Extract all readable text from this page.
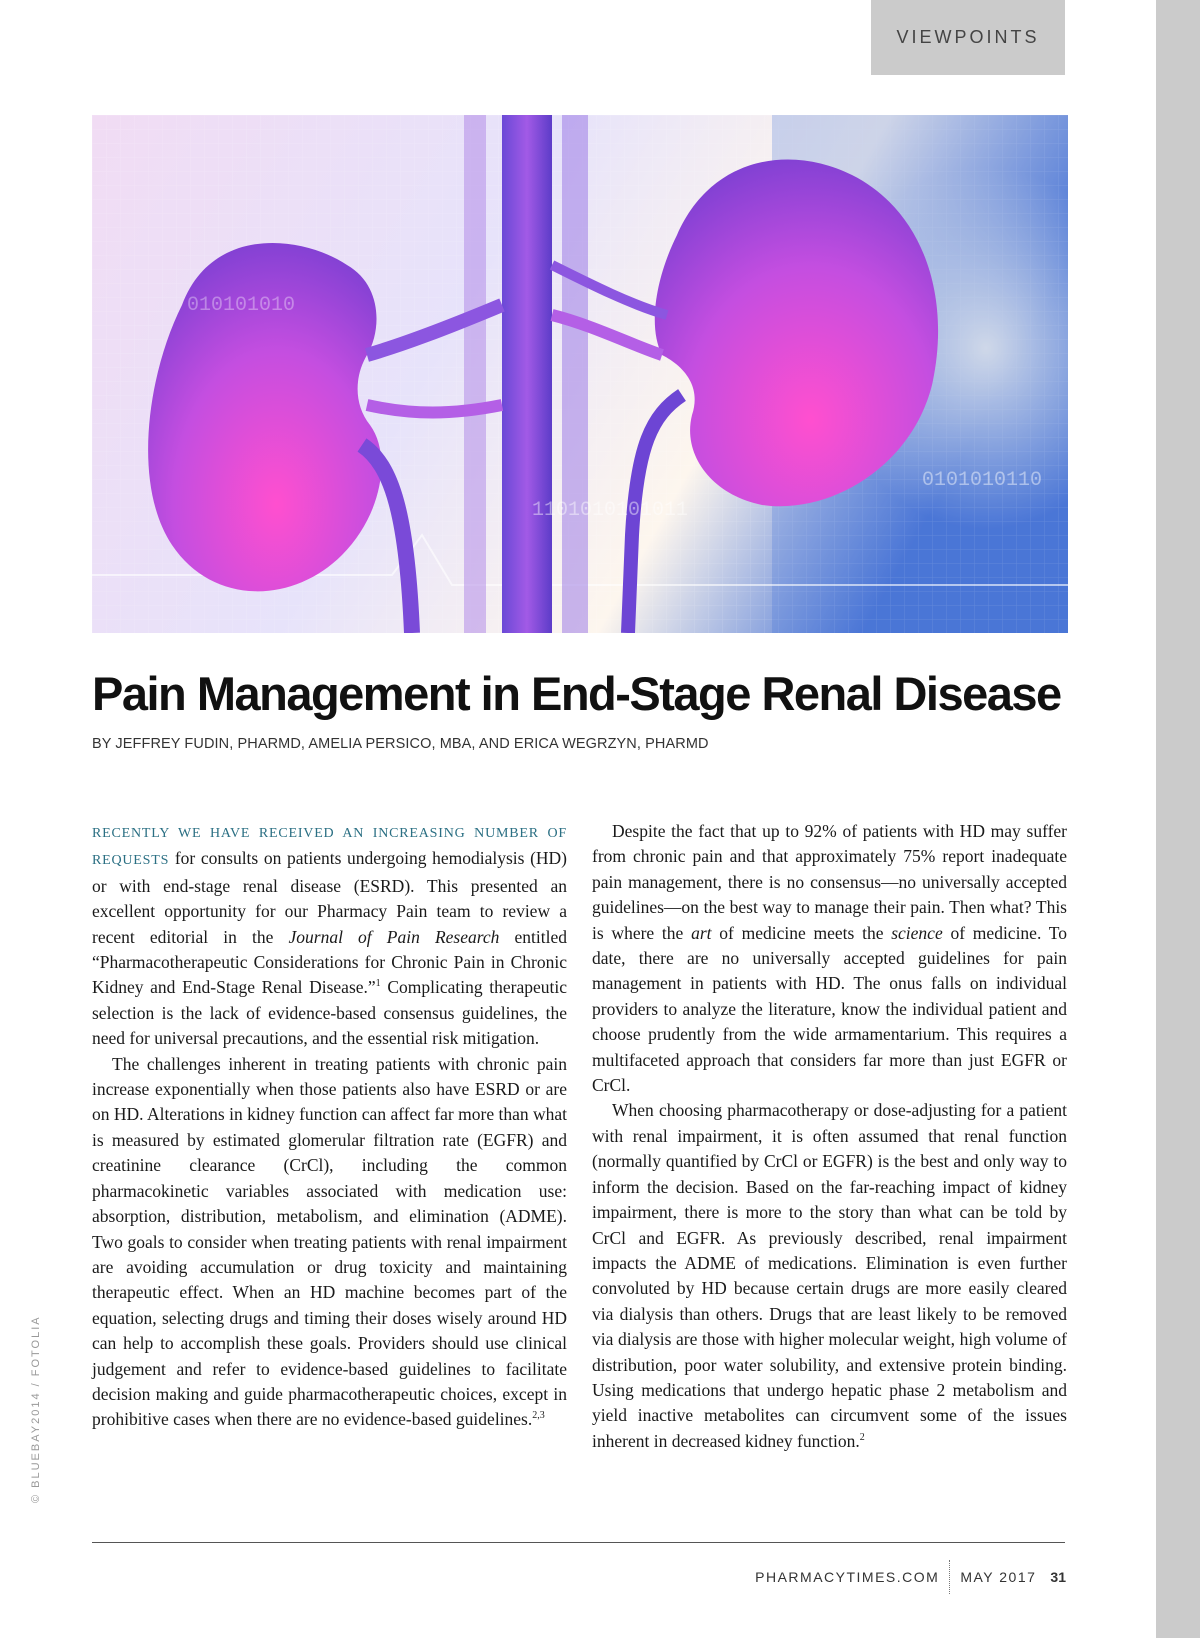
VIEWPOINTS
010101010
1101010101011
0101010110
Pain Management in End-Stage Renal Disease
BY JEFFREY FUDIN, PHARMD, AMELIA PERSICO, MBA, AND ERICA WEGRZYN, PHARMD

RECENTLY WE HAVE RECEIVED AN INCREASING NUMBER OF REQUESTS for consults on patients undergoing hemodialysis (HD) or with end-stage renal disease (ESRD). This presented an excellent opportunity for our Pharmacy Pain team to review a recent editorial in the Journal of Pain Research entitled “Pharmacotherapeutic Considerations for Chronic Pain in Chronic Kidney and End-Stage Renal Disease.”$^1$ Complicating therapeutic selection is the lack of evidence-based consensus guidelines, the need for universal precautions, and the essential risk mitigation.

The challenges inherent in treating patients with chronic pain increase exponentially when those patients also have ESRD or are on HD. Alterations in kidney function can affect far more than what is measured by estimated glomerular filtration rate (EGFR) and creatinine clearance (CrCl), including the common pharmacokinetic variables associated with medication use: absorption, distribution, metabolism, and elimination (ADME). Two goals to consider when treating patients with renal impairment are avoiding accumulation or drug toxicity and maintaining therapeutic effect. When an HD machine becomes part of the equation, selecting drugs and timing their doses wisely around HD can help to accomplish these goals. Providers should use clinical judgement and refer to evidence-based guidelines to facilitate decision making and guide pharmacotherapeutic choices, except in prohibitive cases when there are no evidence-based guidelines.$^{2,3}$

Despite the fact that up to 92% of patients with HD may suffer from chronic pain and that approximately 75% report inadequate pain management, there is no consensus—no universally accepted guidelines—on the best way to manage their pain. Then what? This is where the art of medicine meets the science of medicine. To date, there are no universally accepted guidelines for pain management in patients with HD. The onus falls on individual providers to analyze the literature, know the individual patient and choose prudently from the wide armamentarium. This requires a multifaceted approach that considers far more than just EGFR or CrCl.

When choosing pharmacotherapy or dose-adjusting for a patient with renal impairment, it is often assumed that renal function (normally quantified by CrCl or EGFR) is the best and only way to inform the decision. Based on the far-reaching impact of kidney impairment, there is more to the story than what can be told by CrCl and EGFR. As previously described, renal impairment impacts the ADME of medications. Elimination is even further convoluted by HD because certain drugs are more easily cleared via dialysis than others. Drugs that are least likely to be removed via dialysis are those with higher molecular weight, high volume of distribution, poor water solubility, and extensive protein binding. Using medications that undergo hepatic phase 2 metabolism and yield inactive metabolites can circumvent some of the issues inherent in decreased kidney function.$^2$

© BLUEBAY2014 / FOTOLIA
PHARMACYTIMES.COM MAY 2017 31
